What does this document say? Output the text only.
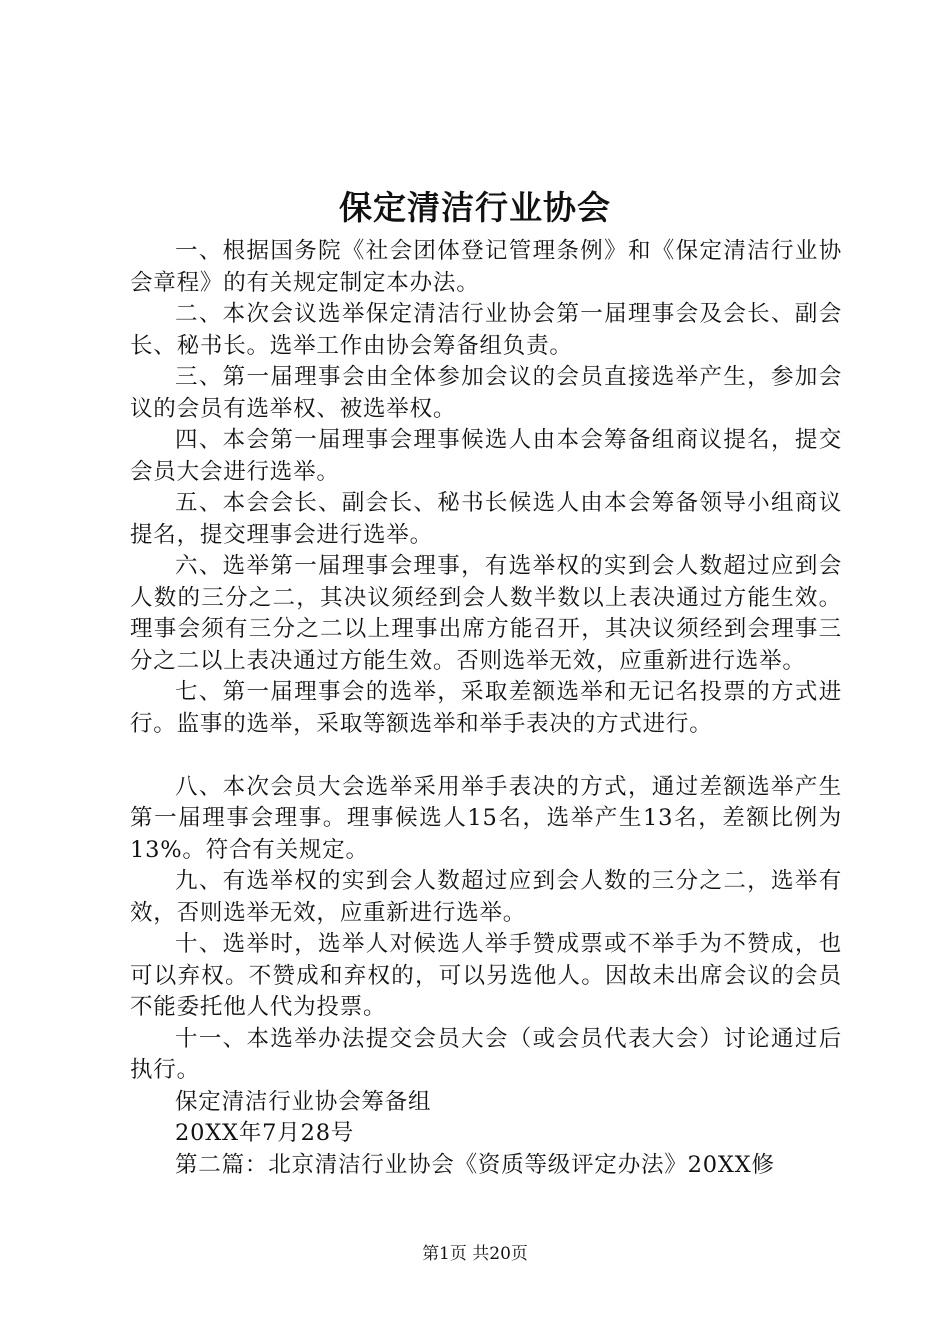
保定清洁行业协会

一、根据国务院《社会团体登记管理条例》和《保定清洁行业协会章程》的有关规定制定本办法。

二、本次会议选举保定清洁行业协会第一届理事会及会长、副会长、秘书长。选举工作由协会筹备组负责。

三、第一届理事会由全体参加会议的会员直接选举产生，参加会议的会员有选举权、被选举权。

四、本会第一届理事会理事候选人由本会筹备组商议提名，提交会员大会进行选举。

五、本会会长、副会长、秘书长候选人由本会筹备领导小组商议提名，提交理事会进行选举。

六、选举第一届理事会理事，有选举权的实到会人数超过应到会人数的三分之二，其决议须经到会人数半数以上表决通过方能生效。理事会须有三分之二以上理事出席方能召开，其决议须经到会理事三分之二以上表决通过方能生效。否则选举无效，应重新进行选举。

七、第一届理事会的选举，采取差额选举和无记名投票的方式进行。监事的选举，采取等额选举和举手表决的方式进行。

八、本次会员大会选举采用举手表决的方式，通过差额选举产生第一届理事会理事。理事候选人15名，选举产生13名，差额比例为13%。符合有关规定。

九、有选举权的实到会人数超过应到会人数的三分之二，选举有效，否则选举无效，应重新进行选举。

十、选举时，选举人对候选人举手赞成票或不举手为不赞成，也可以弃权。不赞成和弃权的，可以另选他人。因故未出席会议的会员不能委托他人代为投票。

十一、本选举办法提交会员大会（或会员代表大会）讨论通过后执行。

保定清洁行业协会筹备组

20XX年7月28号

第二篇：北京清洁行业协会《资质等级评定办法》20XX修

第1页 共20页
